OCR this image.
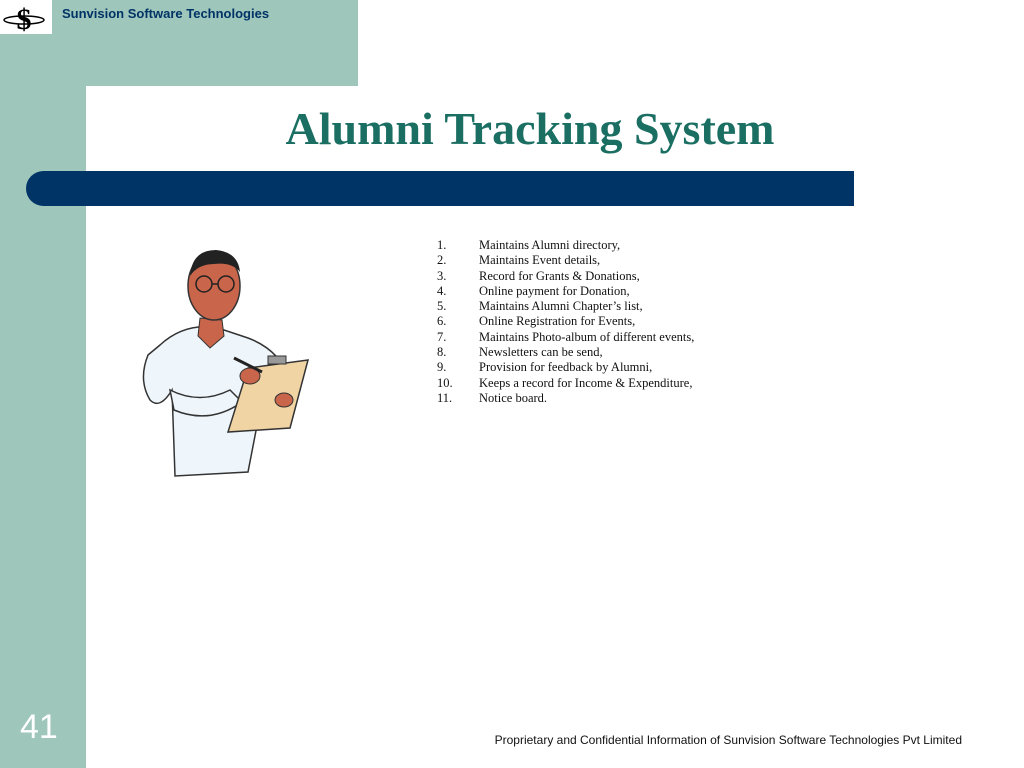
$ Sunvision Software Technologies
Alumni Tracking System
1.	Maintains Alumni directory,
2.	Maintains Event details,
3.	Record for Grants & Donations,
4.	Online payment for Donation,
5.	Maintains Alumni Chapter’s list,
6.	Online Registration for Events,
7.	Maintains Photo-album of different events,
8.	Newsletters can be send,
9.	Provision for feedback by Alumni,
10. Keeps a record for Income & Expenditure,
11. Notice board.
41	Proprietary and Confidential Information of Sunvision Software Technologies Pvt Limited
